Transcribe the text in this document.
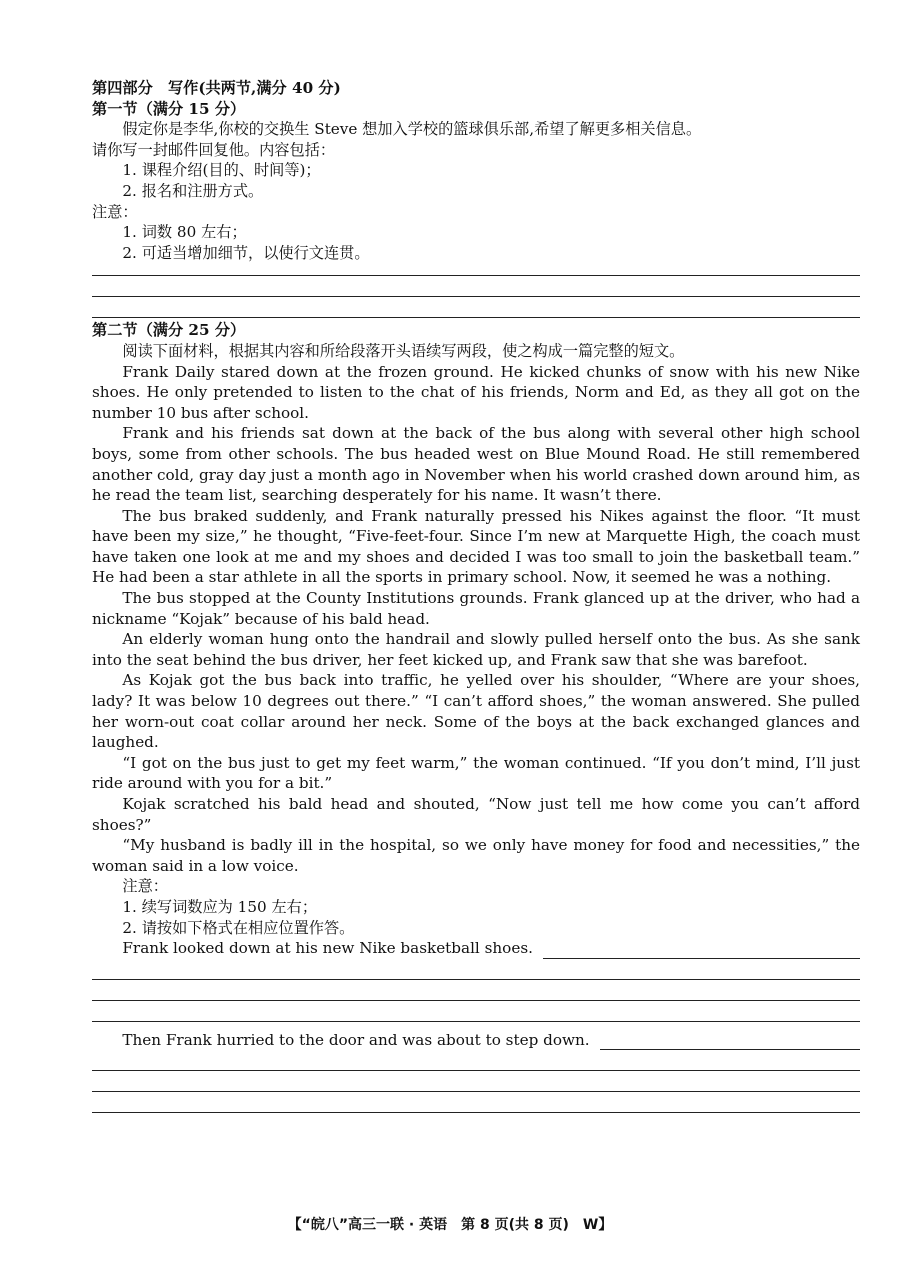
第四部分　写作(共两节,满分 40 分)
第一节（满分 15 分）
假定你是李华,你校的交换生 Steve 想加入学校的篮球俱乐部,希望了解更多相关信息。
请你写一封邮件回复他。内容包括：
1. 课程介绍(目的、时间等)；
2. 报名和注册方式。
注意：
1. 词数 80 左右；
2. 可适当增加细节，以使行文连贯。
第二节（满分 25 分）
阅读下面材料，根据其内容和所给段落开头语续写两段，使之构成一篇完整的短文。
Frank Daily stared down at the frozen ground. He kicked chunks of snow with his new Nike shoes. He only pretended to listen to the chat of his friends, Norm and Ed, as they all got on the number 10 bus after school.
Frank and his friends sat down at the back of the bus along with several other high school boys, some from other schools. The bus headed west on Blue Mound Road. He still remembered another cold, gray day just a month ago in November when his world crashed down around him, as he read the team list, searching desperately for his name. It wasn’t there.
The bus braked suddenly, and Frank naturally pressed his Nikes against the floor. “It must have been my size,” he thought, “Five-feet-four. Since I’m new at Marquette High, the coach must have taken one look at me and my shoes and decided I was too small to join the basketball team.” He had been a star athlete in all the sports in primary school. Now, it seemed he was a nothing.
The bus stopped at the County Institutions grounds. Frank glanced up at the driver, who had a nickname “Kojak” because of his bald head.
An elderly woman hung onto the handrail and slowly pulled herself onto the bus. As she sank into the seat behind the bus driver, her feet kicked up, and Frank saw that she was barefoot.
As Kojak got the bus back into traffic, he yelled over his shoulder, “Where are your shoes, lady? It was below 10 degrees out there.” “I can’t afford shoes,” the woman answered. She pulled her worn-out coat collar around her neck. Some of the boys at the back exchanged glances and laughed.
“I got on the bus just to get my feet warm,” the woman continued. “If you don’t mind, I’ll just ride around with you for a bit.”
Kojak scratched his bald head and shouted, “Now just tell me how come you can’t afford shoes?”
“My husband is badly ill in the hospital, so we only have money for food and necessities,” the woman said in a low voice.
注意：
1. 续写词数应为 150 左右；
2. 请按如下格式在相应位置作答。
Frank looked down at his new Nike basketball shoes.
Then Frank hurried to the door and was about to step down.
【“皖八”高三一联 · 英语　第 8 页(共 8 页)　W】
